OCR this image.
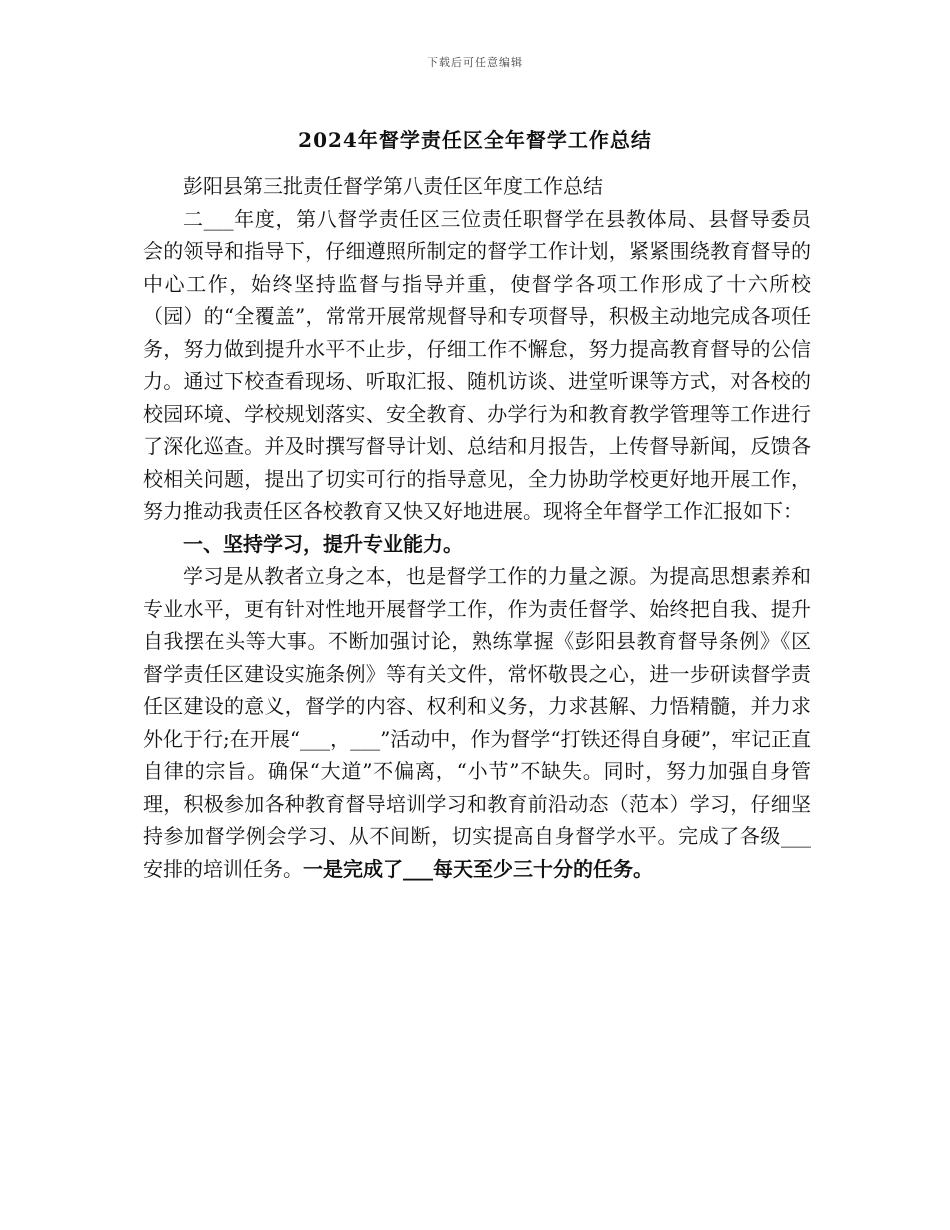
下载后可任意编辑
2024年督学责任区全年督学工作总结

彭阳县第三批责任督学第八责任区年度工作总结

二___年度，第八督学责任区三位责任职督学在县教体局、县督导委员会的领导和指导下，仔细遵照所制定的督学工作计划，紧紧围绕教育督导的中心工作，始终坚持监督与指导并重，使督学各项工作形成了十六所校（园）的“全覆盖”，常常开展常规督导和专项督导，积极主动地完成各项任务，努力做到提升水平不止步，仔细工作不懈怠，努力提高教育督导的公信力。通过下校查看现场、听取汇报、随机访谈、进堂听课等方式，对各校的校园环境、学校规划落实、安全教育、办学行为和教育教学管理等工作进行了深化巡查。并及时撰写督导计划、总结和月报告，上传督导新闻，反馈各校相关问题，提出了切实可行的指导意见，全力协助学校更好地开展工作，努力推动我责任区各校教育又快又好地进展。现将全年督学工作汇报如下：

一、坚持学习，提升专业能力。

学习是从教者立身之本，也是督学工作的力量之源。为提高思想素养和专业水平，更有针对性地开展督学工作，作为责任督学、始终把自我、提升自我摆在头等大事。不断加强讨论，熟练掌握《彭阳县教育督导条例》《区督学责任区建设实施条例》等有关文件，常怀敬畏之心，进一步研读督学责任区建设的意义，督学的内容、权利和义务，力求甚解、力悟精髓，并力求外化于行;在开展“___，___”活动中，作为督学“打铁还得自身硬”，牢记正直自律的宗旨。确保“大道”不偏离，“小节”不缺失。同时，努力加强自身管理，积极参加各种教育督导培训学习和教育前沿动态（范本）学习，仔细坚持参加督学例会学习、从不间断，切实提高自身督学水平。完成了各级___安排的培训任务。一是完成了___每天至少三十分的任务。
